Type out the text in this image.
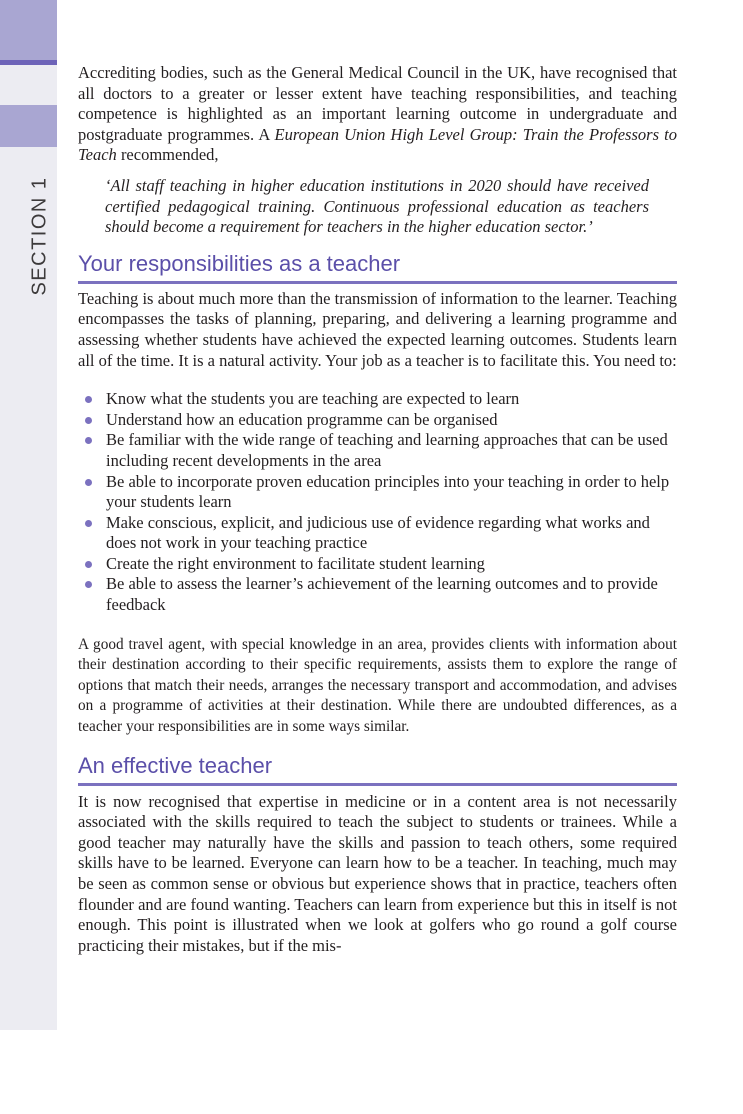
SECTION 1

Accrediting bodies, such as the General Medical Council in the UK, have recognised that all doctors to a greater or lesser extent have teaching responsibilities, and teaching competence is highlighted as an important learning outcome in undergraduate and postgraduate programmes. A European Union High Level Group: Train the Professors to Teach recommended,

‘All staff teaching in higher education institutions in 2020 should have received certified pedagogical training. Continuous professional education as teachers should become a requirement for teachers in the higher education sector.’
Your responsibilities as a teacher

Teaching is about much more than the transmission of information to the learner. Teaching encompasses the tasks of planning, preparing, and delivering a learning programme and assessing whether students have achieved the expected learning outcomes. Students learn all of the time. It is a natural activity. Your job as a teacher is to facilitate this. You need to:

Know what the students you are teaching are expected to learn
Understand how an education programme can be organised
Be familiar with the wide range of teaching and learning approaches that can be used including recent developments in the area
Be able to incorporate proven education principles into your teaching in order to help your students learn
Make conscious, explicit, and judicious use of evidence regarding what works and does not work in your teaching practice
Create the right environment to facilitate student learning
Be able to assess the learner’s achievement of the learning outcomes and to provide feedback

A good travel agent, with special knowledge in an area, provides clients with information about their destination according to their specific requirements, assists them to explore the range of options that match their needs, arranges the necessary transport and accommodation, and advises on a programme of activities at their destination. While there are undoubted differences, as a teacher your responsibilities are in some ways similar.

An effective teacher

It is now recognised that expertise in medicine or in a content area is not necessarily associated with the skills required to teach the subject to students or trainees. While a good teacher may naturally have the skills and passion to teach others, some required skills have to be learned. Everyone can learn how to be a teacher. In teaching, much may be seen as common sense or obvious but experience shows that in practice, teachers often flounder and are found wanting. Teachers can learn from experience but this in itself is not enough. This point is illustrated when we look at golfers who go round a golf course practicing their mistakes, but if the mis-
